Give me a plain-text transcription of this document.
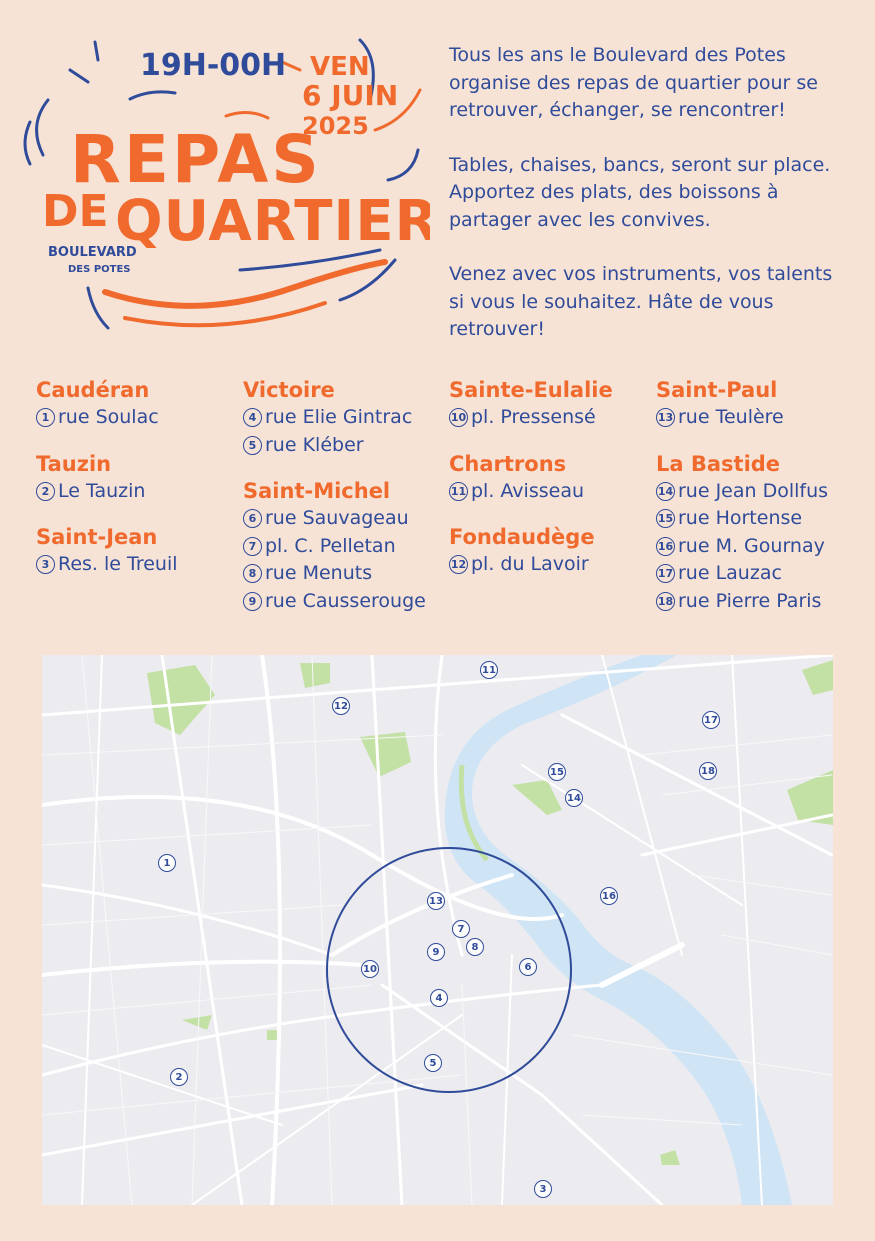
19H-00H VEN
6 JUIN
2025
REPAS
DE QUARTIER
BOULEVARD
DES POTES

Tous les ans le Boulevard des Potes organise des repas de quartier pour se retrouver, échanger, se rencontrer!

Tables, chaises, bancs, seront sur place. Apportez des plats, des boissons à partager avec les convives.

Venez avec vos instruments, vos talents si vous le souhaitez. Hâte de vous retrouver!

Caudéran
1 rue Soulac
Tauzin
2 Le Tauzin
Saint-Jean
3 Res. le Treuil
Victoire
4 rue Elie Gintrac
5 rue Kléber
Saint-Michel
6 rue Sauvageau
7 pl. C. Pelletan
8 rue Menuts
9 rue Causserouge
Sainte-Eulalie
10 pl. Pressensé
Chartrons
11 pl. Avisseau
Fondaudège
12 pl. du Lavoir
Saint-Paul
13 rue Teulère
La Bastide
14 rue Jean Dollfus
15 rue Hortense
16 rue M. Gournay
17 rue Lauzac
18 rue Pierre Paris
1
2
3
4
5
6
7
8
9
10
11
12
13
14
15
16
17
18
